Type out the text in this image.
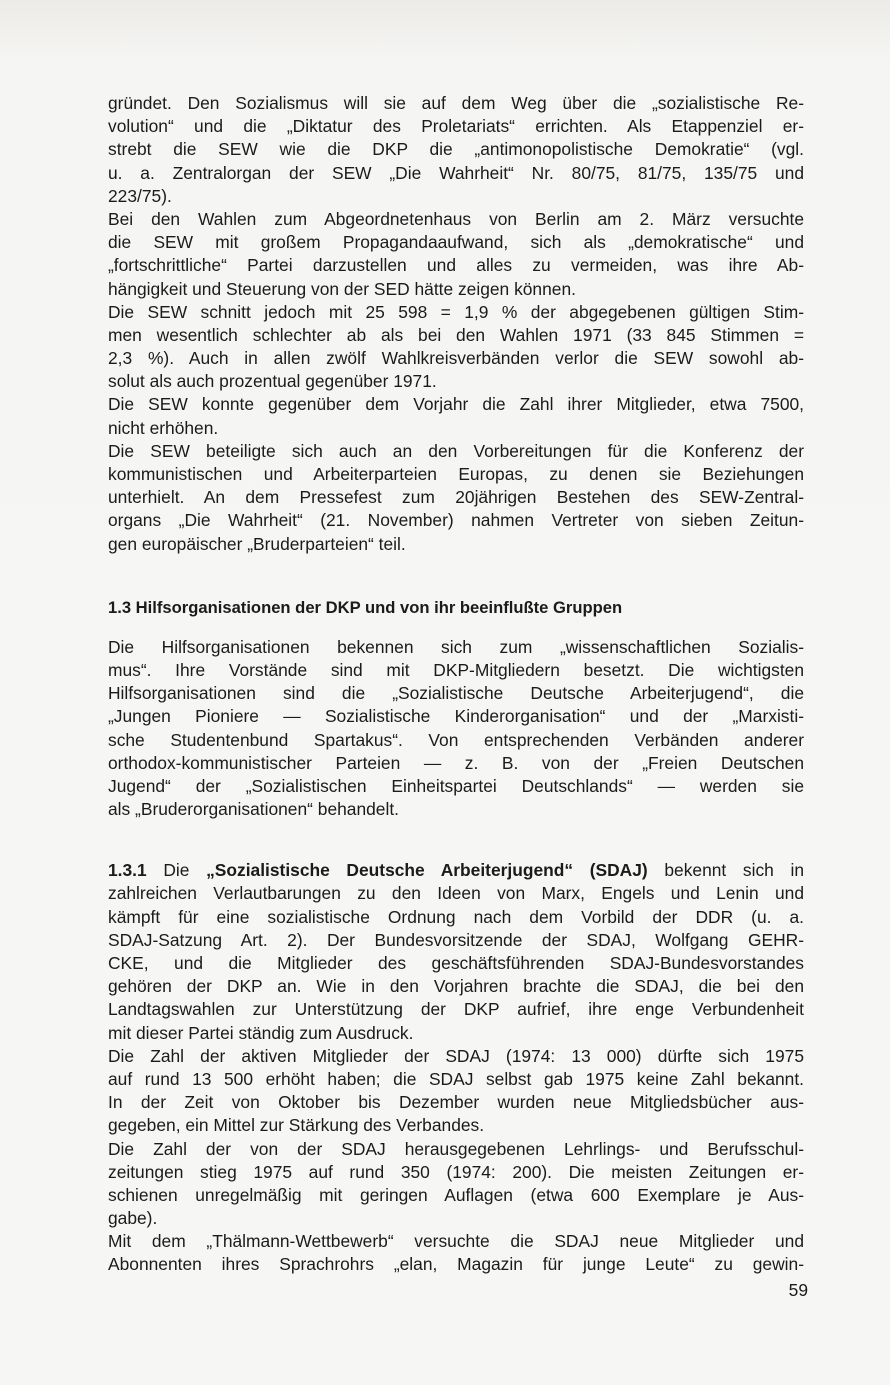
gründet. Den Sozialismus will sie auf dem Weg über die „sozialistische Re-
volution“ und die „Diktatur des Proletariats“ errichten. Als Etappenziel er-
strebt die SEW wie die DKP die „antimonopolistische Demokratie“ (vgl.
u. a. Zentralorgan der SEW „Die Wahrheit“ Nr. 80/75, 81/75, 135/75 und
223/75).
Bei den Wahlen zum Abgeordnetenhaus von Berlin am 2. März versuchte
die SEW mit großem Propagandaaufwand, sich als „demokratische“ und
„fortschrittliche“ Partei darzustellen und alles zu vermeiden, was ihre Ab-
hängigkeit und Steuerung von der SED hätte zeigen können.
Die SEW schnitt jedoch mit 25 598 = 1,9 % der abgegebenen gültigen Stim-
men wesentlich schlechter ab als bei den Wahlen 1971 (33 845 Stimmen =
2,3 %). Auch in allen zwölf Wahlkreisverbänden verlor die SEW sowohl ab-
solut als auch prozentual gegenüber 1971.
Die SEW konnte gegenüber dem Vorjahr die Zahl ihrer Mitglieder, etwa 7500,
nicht erhöhen.
Die SEW beteiligte sich auch an den Vorbereitungen für die Konferenz der
kommunistischen und Arbeiterparteien Europas, zu denen sie Beziehungen
unterhielt. An dem Pressefest zum 20jährigen Bestehen des SEW-Zentral-
organs „Die Wahrheit“ (21. November) nahmen Vertreter von sieben Zeitun-
gen europäischer „Bruderparteien“ teil.
1.3 Hilfsorganisationen der DKP und von ihr beeinflußte Gruppen
Die Hilfsorganisationen bekennen sich zum „wissenschaftlichen Sozialis-
mus“. Ihre Vorstände sind mit DKP-Mitgliedern besetzt. Die wichtigsten
Hilfsorganisationen sind die „Sozialistische Deutsche Arbeiterjugend“, die
„Jungen Pioniere — Sozialistische Kinderorganisation“ und der „Marxisti-
sche Studentenbund Spartakus“. Von entsprechenden Verbänden anderer
orthodox-kommunistischer Parteien — z. B. von der „Freien Deutschen
Jugend“ der „Sozialistischen Einheitspartei Deutschlands“ — werden sie
als „Bruderorganisationen“ behandelt.
1.3.1 Die „Sozialistische Deutsche Arbeiterjugend“ (SDAJ) bekennt sich in
zahlreichen Verlautbarungen zu den Ideen von Marx, Engels und Lenin und
kämpft für eine sozialistische Ordnung nach dem Vorbild der DDR (u. a.
SDAJ-Satzung Art. 2). Der Bundesvorsitzende der SDAJ, Wolfgang GEHR-
CKE, und die Mitglieder des geschäftsführenden SDAJ-Bundesvorstandes
gehören der DKP an. Wie in den Vorjahren brachte die SDAJ, die bei den
Landtagswahlen zur Unterstützung der DKP aufrief, ihre enge Verbundenheit
mit dieser Partei ständig zum Ausdruck.
Die Zahl der aktiven Mitglieder der SDAJ (1974: 13 000) dürfte sich 1975
auf rund 13 500 erhöht haben; die SDAJ selbst gab 1975 keine Zahl bekannt.
In der Zeit von Oktober bis Dezember wurden neue Mitgliedsbücher aus-
gegeben, ein Mittel zur Stärkung des Verbandes.
Die Zahl der von der SDAJ herausgegebenen Lehrlings- und Berufsschul-
zeitungen stieg 1975 auf rund 350 (1974: 200). Die meisten Zeitungen er-
schienen unregelmäßig mit geringen Auflagen (etwa 600 Exemplare je Aus-
gabe).
Mit dem „Thälmann-Wettbewerb“ versuchte die SDAJ neue Mitglieder und
Abonnenten ihres Sprachrohrs „elan, Magazin für junge Leute“ zu gewin-
59
